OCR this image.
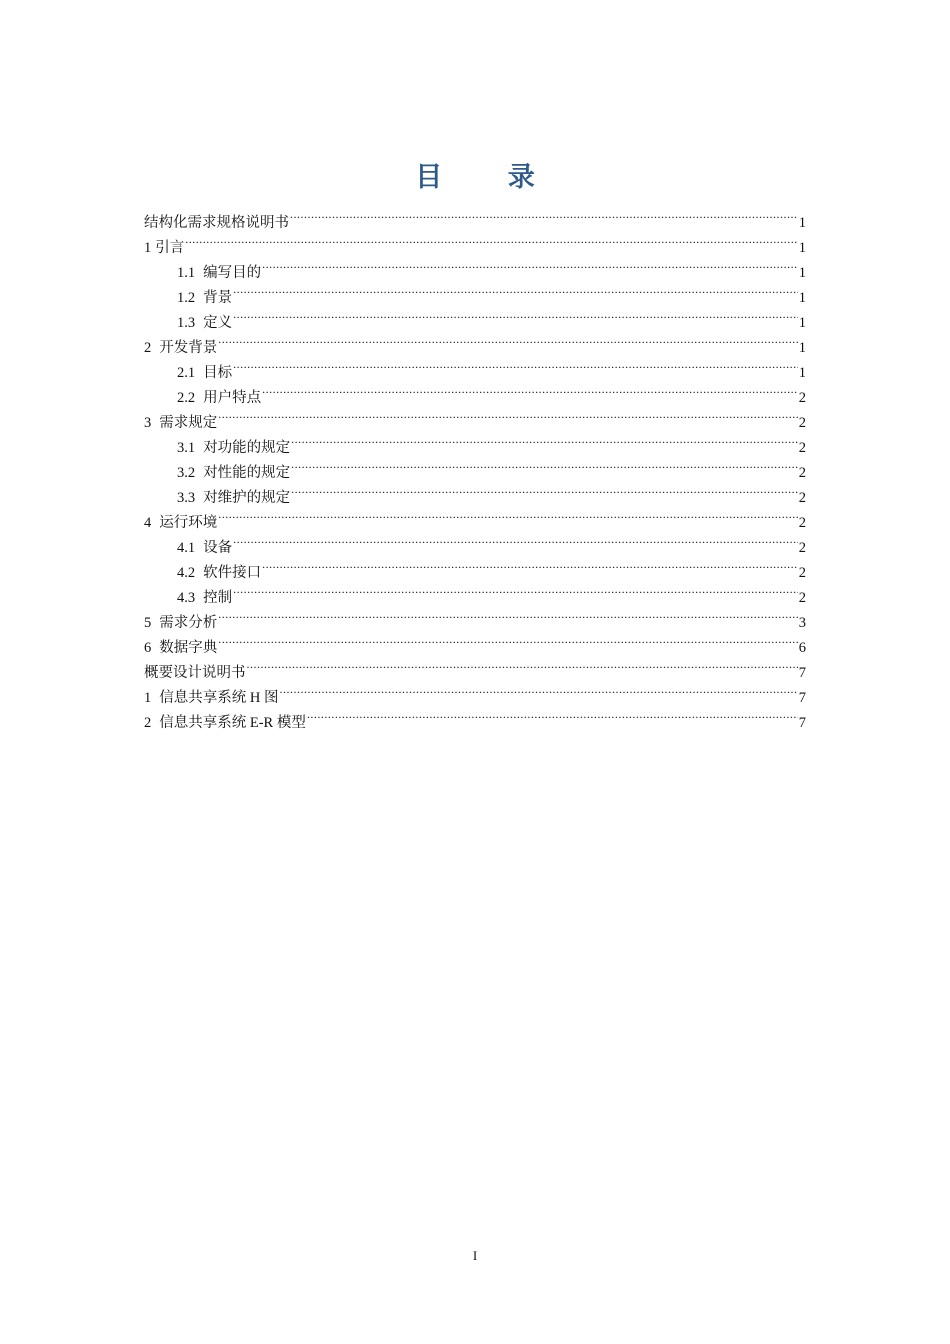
目 录
结构化需求规格说明书 .....	1
1 引言 .....	1
1.1 编写目的 .....	1
1.2 背景 .....	1
1.3 定义 .....	1
2 开发背景 .....	1
2.1 目标 .....	1
2.2 用户特点 .....	2
3 需求规定 .....	2
3.1 对功能的规定 .....	2
3.2 对性能的规定 .....	2
3.3 对维护的规定 .....	2
4 运行环境 .....	2
4.1 设备 .....	2
4.2 软件接口 .....	2
4.3 控制 .....	2
5 需求分析 .....	3
6 数据字典 .....	6
概要设计说明书 .....	7
1 信息共享系统 H 图 .....	7
2 信息共享系统 E-R 模型 .....	7
I
